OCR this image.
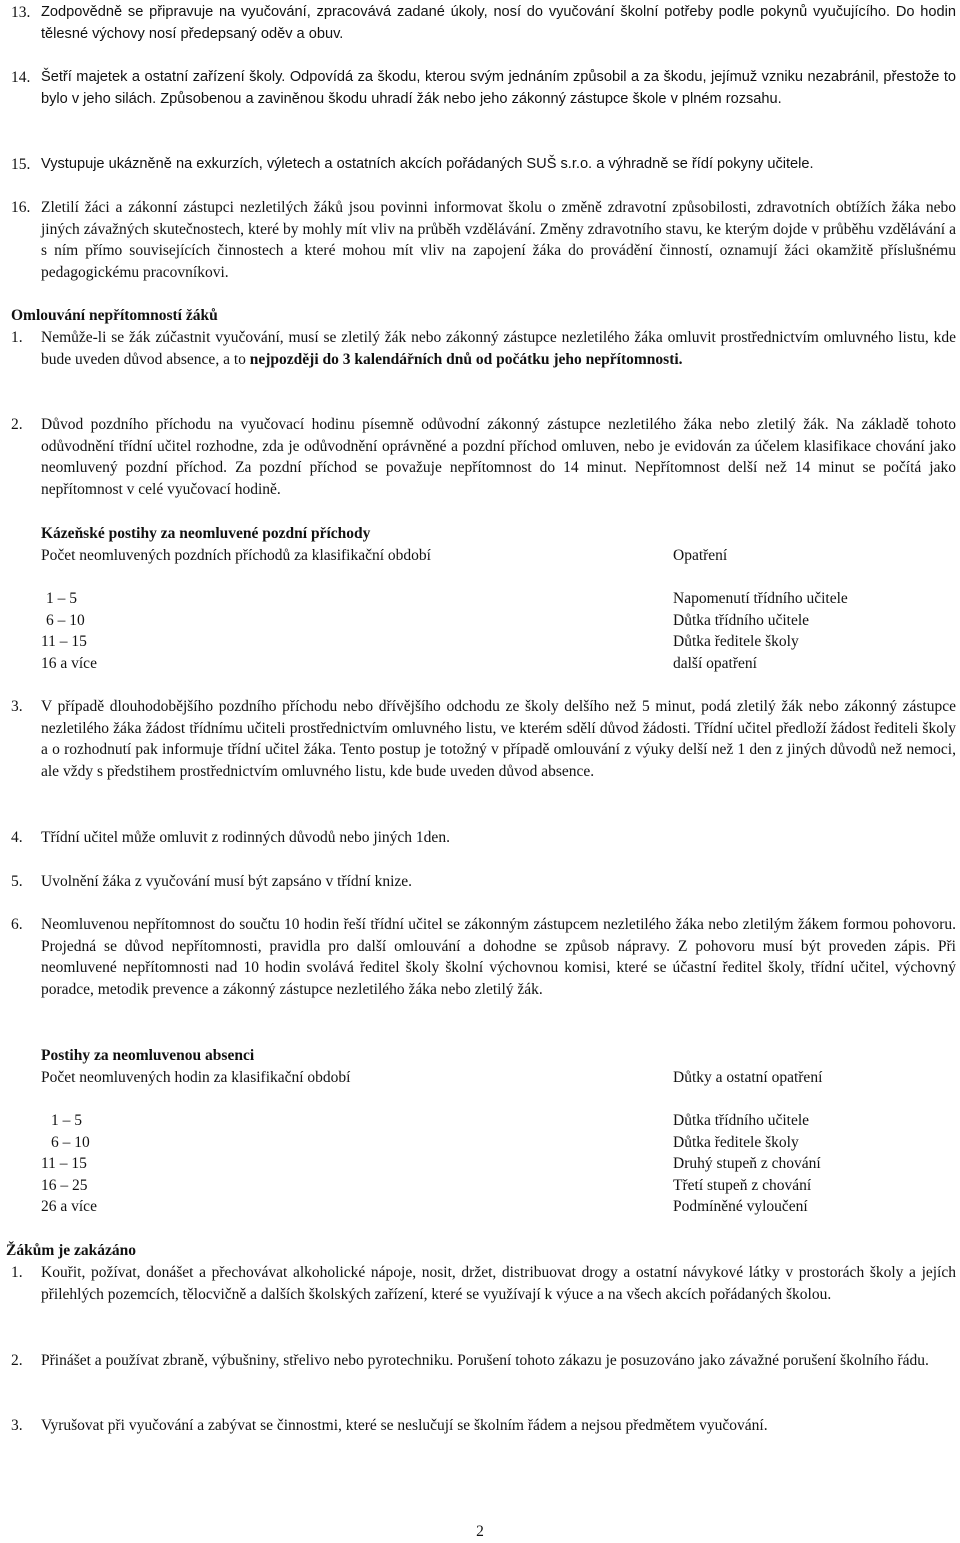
13. Zodpovědně se připravuje na vyučování, zpracovává zadané úkoly, nosí do vyučování školní potřeby podle pokynů vyučujícího. Do hodin tělesné výchovy nosí předepsaný oděv a obuv.
14. Šetří majetek a ostatní zařízení školy. Odpovídá za škodu, kterou svým jednáním způsobil a za škodu, jejímuž vzniku nezabránil, přestože to bylo v jeho silách. Způsobenou a zaviněnou škodu uhradí žák nebo jeho zákonný zástupce škole v plném rozsahu.
15. Vystupuje ukázněně na exkurzích, výletech a ostatních akcích pořádaných SUŠ s.r.o. a výhradně se řídí pokyny učitele.
16. Zletilí žáci a zákonní zástupci nezletilých žáků jsou povinni informovat školu o změně zdravotní způsobilosti, zdravotních obtížích žáka nebo jiných závažných skutečnostech, které by mohly mít vliv na průběh vzdělávání. Změny zdravotního stavu, ke kterým dojde v průběhu vzdělávání a s ním přímo souvisejících činnostech a které mohou mít vliv na zapojení žáka do provádění činností, oznamují žáci okamžitě příslušnému pedagogickému pracovníkovi.
Omlouvání nepřítomností žáků
1. Nemůže-li se žák zúčastnit vyučování, musí se zletilý žák nebo zákonný zástupce nezletilého žáka omluvit prostřednictvím omluvného listu, kde bude uveden důvod absence, a to nejpozději do 3 kalendářních dnů od počátku jeho nepřítomnosti.
2. Důvod pozdního příchodu na vyučovací hodinu písemně odůvodní zákonný zástupce nezletilého žáka nebo zletilý žák. Na základě tohoto odůvodnění třídní učitel rozhodne, zda je odůvodnění oprávněné a pozdní příchod omluven, nebo je evidován za účelem klasifikace chování jako neomluvený pozdní příchod. Za pozdní příchod se považuje nepřítomnost do 14 minut. Nepřítomnost delší než 14 minut se počítá jako nepřítomnost v celé vyučovací hodině.
Kázeňské postihy za neomluvené pozdní příchody
Počet neomluvených pozdních příchodů za klasifikační období	Opatření
1 – 5	Napomenutí třídního učitele
6 – 10	Důtka třídního učitele
11 – 15	Důtka ředitele školy
16 a více	další opatření
3. V případě dlouhodobějšího pozdního příchodu nebo dřívějšího odchodu ze školy delšího než 5 minut, podá zletilý žák nebo zákonný zástupce nezletilého žáka žádost třídnímu učiteli prostřednictvím omluvného listu, ve kterém sdělí důvod žádosti. Třídní učitel předloží žádost řediteli školy a o rozhodnutí pak informuje třídní učitel žáka. Tento postup je totožný v případě omlouvání z výuky delší než 1 den z jiných důvodů než nemoci, ale vždy s předstihem prostřednictvím omluvného listu, kde bude uveden důvod absence.
4. Třídní učitel může omluvit z rodinných důvodů nebo jiných 1den.
5. Uvolnění žáka z vyučování musí být zapsáno v třídní knize.
6. Neomluvenou nepřítomnost do součtu 10 hodin řeší třídní učitel se zákonným zástupcem nezletilého žáka nebo zletilým žákem formou pohovoru. Projedná se důvod nepřítomnosti, pravidla pro další omlouvání a dohodne se způsob nápravy. Z pohovoru musí být proveden zápis. Při neomluvené nepřítomnosti nad 10 hodin svolává ředitel školy školní výchovnou komisi, které se účastní ředitel školy, třídní učitel, výchovný poradce, metodik prevence a zákonný zástupce nezletilého žáka nebo zletilý žák.
Postihy za neomluvenou absenci
Počet neomluvených hodin za klasifikační období	Důtky a ostatní opatření
1 – 5	Důtka třídního učitele
6 – 10	Důtka ředitele školy
11 – 15	Druhý stupeň z chování
16 – 25	Třetí stupeň z chování
26 a více	Podmíněné vyloučení
Žákům je zakázáno
1. Kouřit, požívat, donášet a přechovávat alkoholické nápoje, nosit, držet, distribuovat drogy a ostatní návykové látky v prostorách školy a jejích přilehlých pozemcích, tělocvičně a dalších školských zařízení, které se využívají k výuce a na všech akcích pořádaných školou.
2. Přinášet a používat zbraně, výbušniny, střelivo nebo pyrotechniku. Porušení tohoto zákazu je posuzováno jako závažné porušení školního řádu.
3. Vyrušovat při vyučování a zabývat se činnostmi, které se neslučují se školním řádem a nejsou předmětem vyučování.
2
